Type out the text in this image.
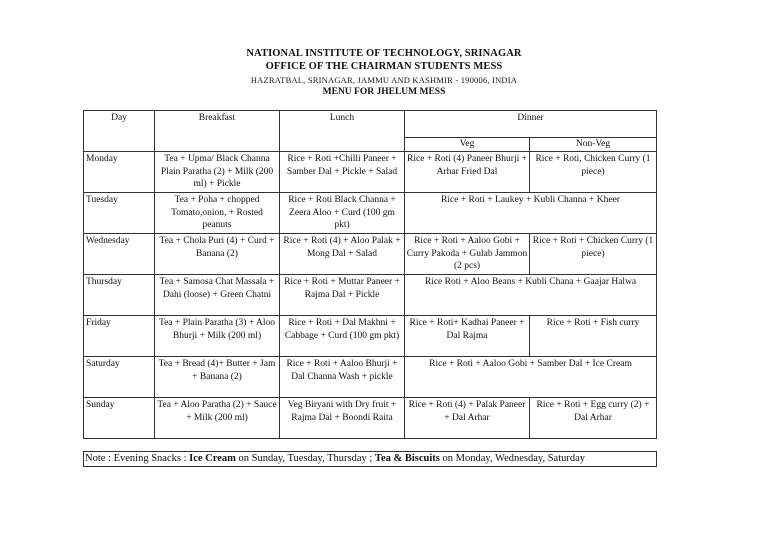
NATIONAL INSTITUTE OF TECHNOLOGY, SRINAGAR
OFFICE OF THE CHAIRMAN STUDENTS MESS
HAZRATBAL, SRINAGAR, JAMMU AND KASHMIR - 190006, INDIA
MENU FOR JHELUM MESS
Day	Breakfast	Lunch	Dinner	
			Veg	Non-Veg
Monday	Tea + Upma/ Black Channa Plain Paratha (2) + Milk (200 ml) + Pickle	Rice + Roti +Chilli Paneer + Samber Dal + Pickle + Salad	Rice + Roti (4) Paneer Bhurji + Arhar Fried Dal	Rice + Roti, Chicken Curry (1 piece)
Tuesday	Tea + Poha + chopped Tomato,onion, + Rosted peanuts	Rice + Roti Black Channa + Zeera Aloo + Curd (100 gm pkt)	Rice + Roti + Laukey + Kubli Channa + Kheer	
Wednesday	Tea + Chola Puri (4) + Curd + Banana (2)	Rice + Roti (4) + Aloo Palak + Mong Dal + Salad	Rice + Roti + Aaloo Gobi + Curry Pakoda + Gulab Jammon (2 pcs)	Rice + Roti + Chicken Curry (1 piece)
Thursday	Tea + Samosa Chat Massala + Dahi (loose) + Green Chatni	Rice + Roti + Muttar Paneer + Rajma Dal + Pickle	Rice Roti + Aloo Beans + Kubli Chana + Gaajar Halwa	
Friday	Tea + Plain Paratha (3) + Aloo Bhurji + Milk (200 ml)	Rice + Roti + Dal Makhni + Cabbage + Curd (100 gm pkt)	Rice + Roti+ Kadhai Paneer + Dal Rajma	Rice + Roti + Fish curry
Saturday	Tea + Bread (4)+ Butter + Jam + Banana (2)	Rice + Roti + Aaloo Bhurji + Dal Channa Wash + pickle	Rice + Roti + Aaloo Gobi + Samber Dal + Ice Cream	
Sunday	Tea + Aloo Paratha (2) + Sauce + Milk (200 ml)	Veg Biryani with Dry fruit + Rajma Dal + Boondi Raita	Rice + Roti (4) + Palak Paneer + Dal Arhar	Rice + Roti + Egg curry (2) + Dal Arhar
Note : Evening Snacks : Ice Cream on Sunday, Tuesday, Thursday ; Tea & Biscuits on Monday, Wednesday, Saturday
